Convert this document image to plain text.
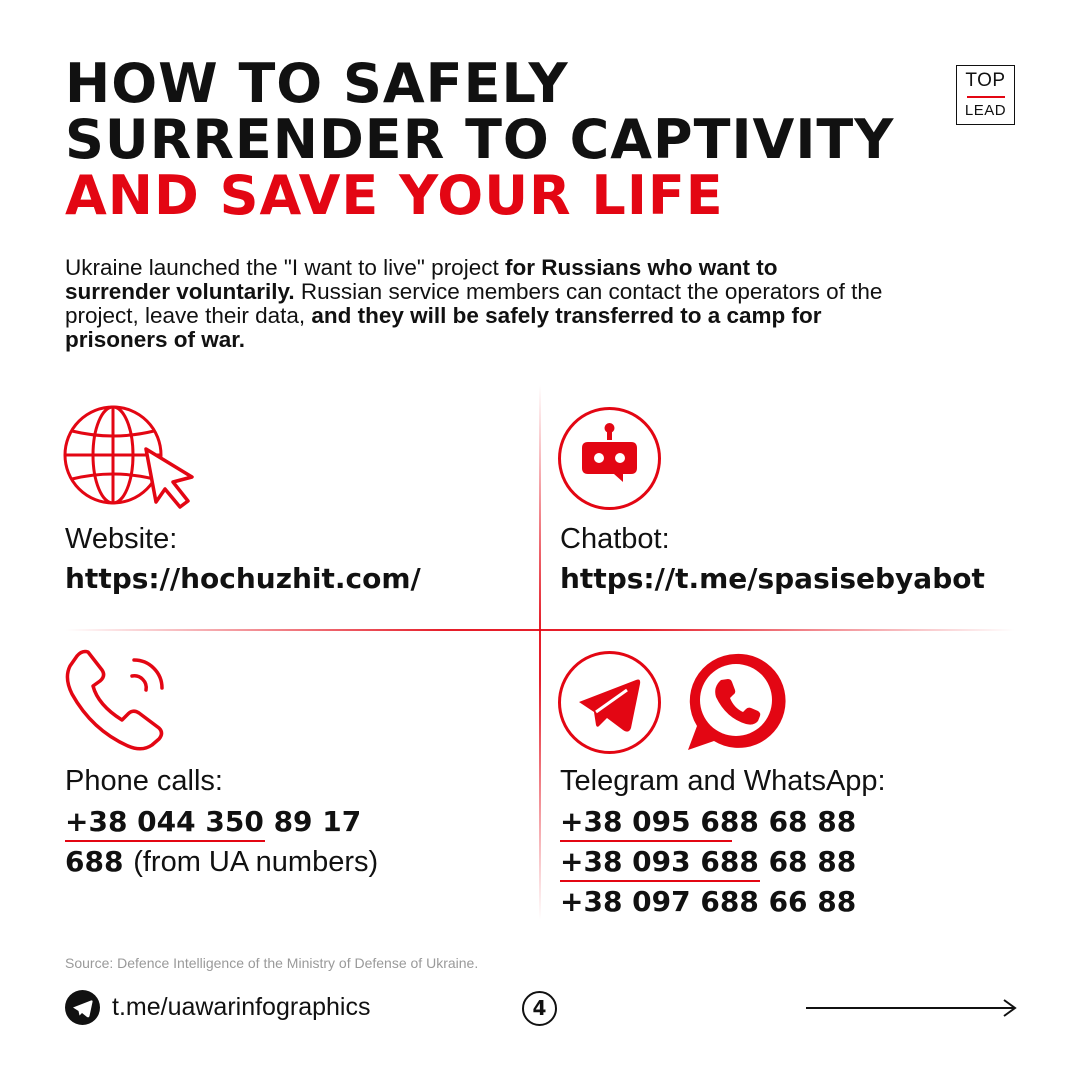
HOW TO SAFELY
SURRENDER TO CAPTIVITY
AND SAVE YOUR LIFE
TOP
LEAD

Ukraine launched the "I want to live" project for Russians who want to surrender voluntarily. Russian service members can contact the operators of the project, leave their data, and they will be safely transferred to a camp for prisoners of war.

Website:
https://hochuzhit.com/
Chatbot:
https://t.me/spasisebyabot
Phone calls:
+38 044 350 89 17
688 (from UA numbers)
Telegram and WhatsApp:
+38 095 688 68 88
+38 093 688 68 88
+38 097 688 66 88
Source: Defence Intelligence of the Ministry of Defense of Ukraine.
t.me/uawarinfographics	4
